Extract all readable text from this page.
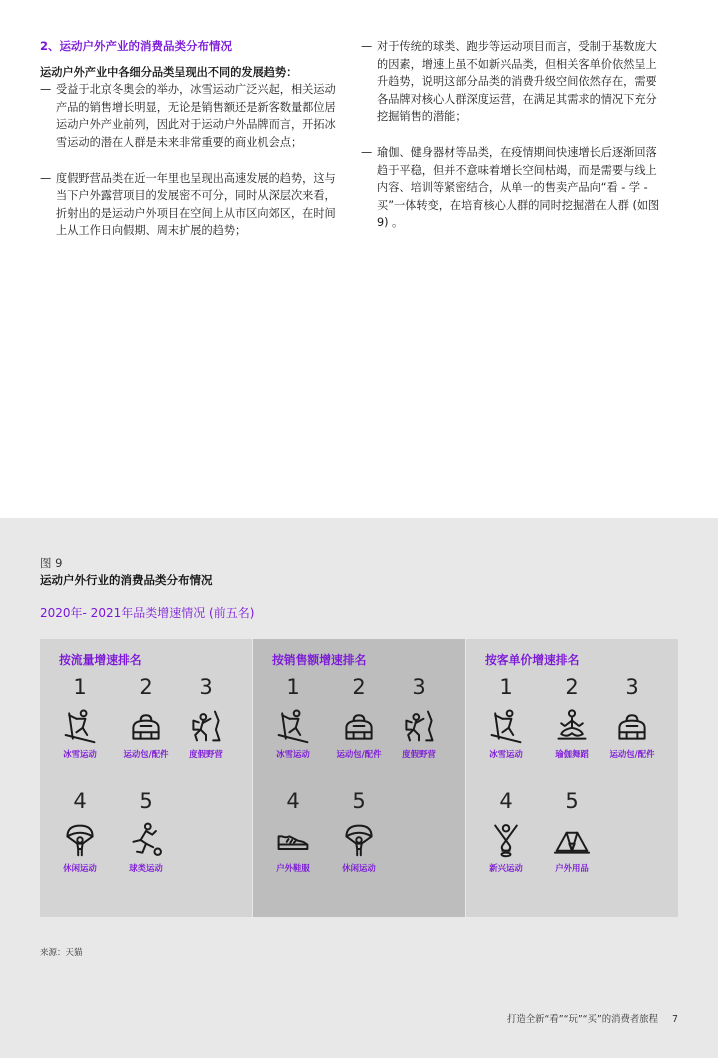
2、运动户外产业的消费品类分布情况

运动户外产业中各细分品类呈现出不同的发展趋势：

— 受益于北京冬奥会的举办，冰雪运动广泛兴起，相关运动产品的销售增长明显，无论是销售额还是新客数量都位居运动户外产业前列，因此对于运动户外品牌而言，开拓冰雪运动的潜在人群是未来非常重要的商业机会点；
— 度假野营品类在近一年里也呈现出高速发展的趋势，这与当下户外露营项目的发展密不可分，同时从深层次来看，折射出的是运动户外项目在空间上从市区向郊区，在时间上从工作日向假期、周末扩展的趋势；
— 对于传统的球类、跑步等运动项目而言，受制于基数庞大的因素，增速上虽不如新兴品类，但相关客单价依然呈上升趋势，说明这部分品类的消费升级空间依然存在，需要各品牌对核心人群深度运营，在满足其需求的情况下充分挖掘销售的潜能；
— 瑜伽、健身器材等品类，在疫情期间快速增长后逐渐回落趋于平稳，但并不意味着增长空间枯竭，而是需要与线上内容、培训等紧密结合，从单一的售卖产品向“看 - 学 - 买”一体转变，在培育核心人群的同时挖掘潜在人群 (如图 9) 。
图 9
运动户外行业的消费品类分布情况
2020年- 2021年品类增速情况 (前五名)
按流量增速排名
1
冰雪运动
2
运动包/配件
3
度假野营
4
休闲运动
5
球类运动
按销售额增速排名
1
冰雪运动
2
运动包/配件
3
度假野营
4
户外鞋服
5
休闲运动
按客单价增速排名
1
冰雪运动
2
瑜伽舞蹈
3
运动包/配件
4
新兴运动
5
户外用品
来源：天猫
打造全新“看”“玩”“买”的消费者旅程 7
